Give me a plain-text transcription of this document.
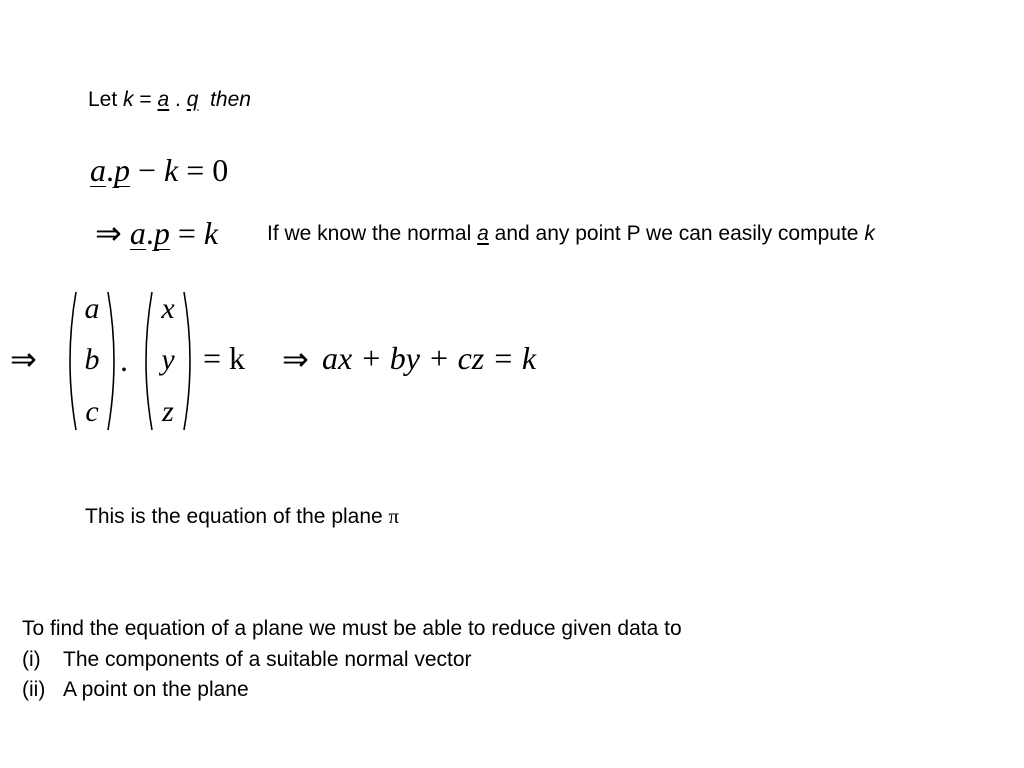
Let k = a . q then
a.p − k = 0
⇒ a.p = k If we know the normal a and any point P we can easily compute k
⇒
a
b
c
.
x
y
z
= k ⇒ ax + by + cz = k
This is the equation of the plane π
To find the equation of a plane we must be able to reduce given data to
(i) The components of a suitable normal vector
(ii) A point on the plane
